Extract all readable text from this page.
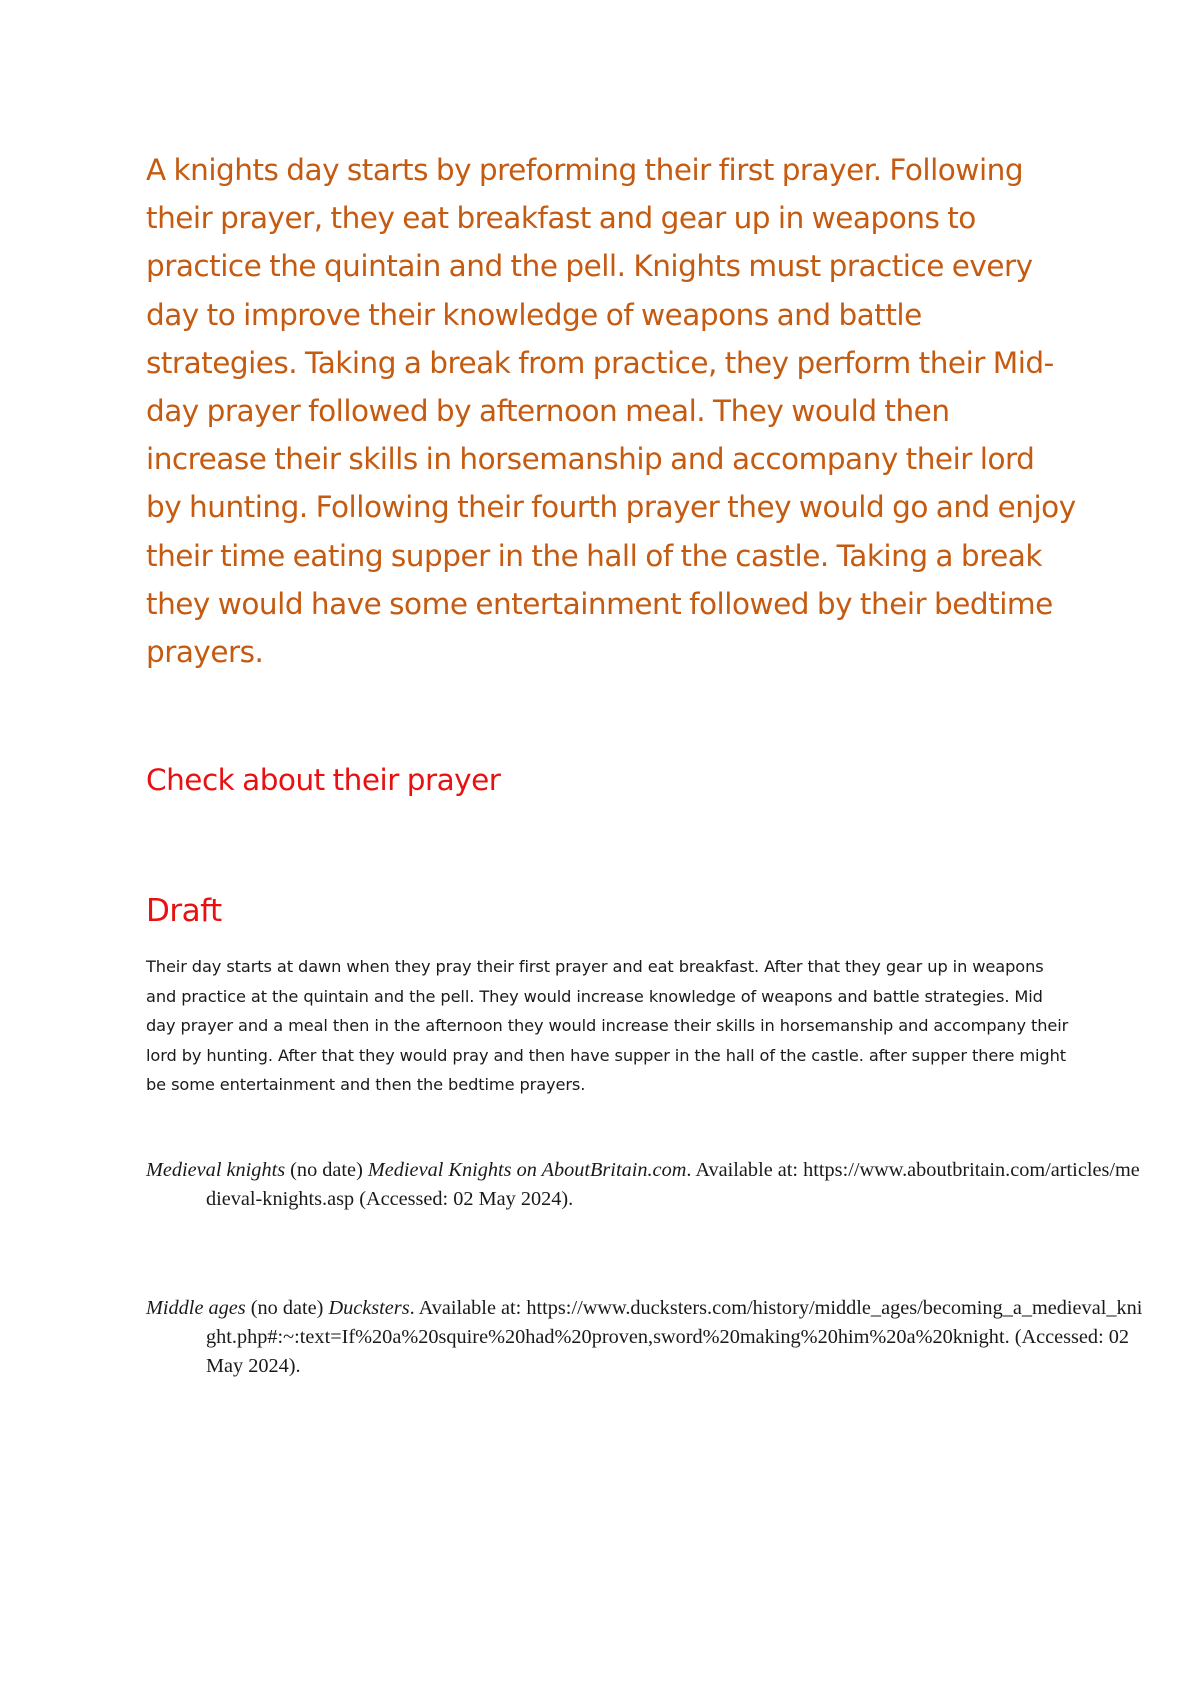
A knights day starts by preforming their first prayer. Following their prayer, they eat breakfast and gear up in weapons to practice the quintain and the pell. Knights must practice every day to improve their knowledge of weapons and battle strategies. Taking a break from practice, they perform their Mid-day prayer followed by afternoon meal. They would then increase their skills in horsemanship and accompany their lord by hunting. Following their fourth prayer they would go and enjoy their time eating supper in the hall of the castle. Taking a break they would have some entertainment followed by their bedtime prayers.

Check about their prayer
Draft

Their day starts at dawn when they pray their first prayer and eat breakfast. After that they gear up in weapons and practice at the quintain and the pell. They would increase knowledge of weapons and battle strategies. Mid day prayer and a meal then in the afternoon they would increase their skills in horsemanship and accompany their lord by hunting. After that they would pray and then have supper in the hall of the castle. after supper there might be some entertainment and then the bedtime prayers.

Medieval knights (no date) Medieval Knights on AboutBritain.com. Available at: https://www.aboutbritain.com/articles/medieval-knights.asp (Accessed: 02 May 2024).

Middle ages (no date) Ducksters. Available at: https://www.ducksters.com/history/middle_ages/becoming_a_medieval_knight.php#:~:text=If%20a%20squire%20had%20proven,sword%20making%20him%20a%20knight. (Accessed: 02 May 2024).
